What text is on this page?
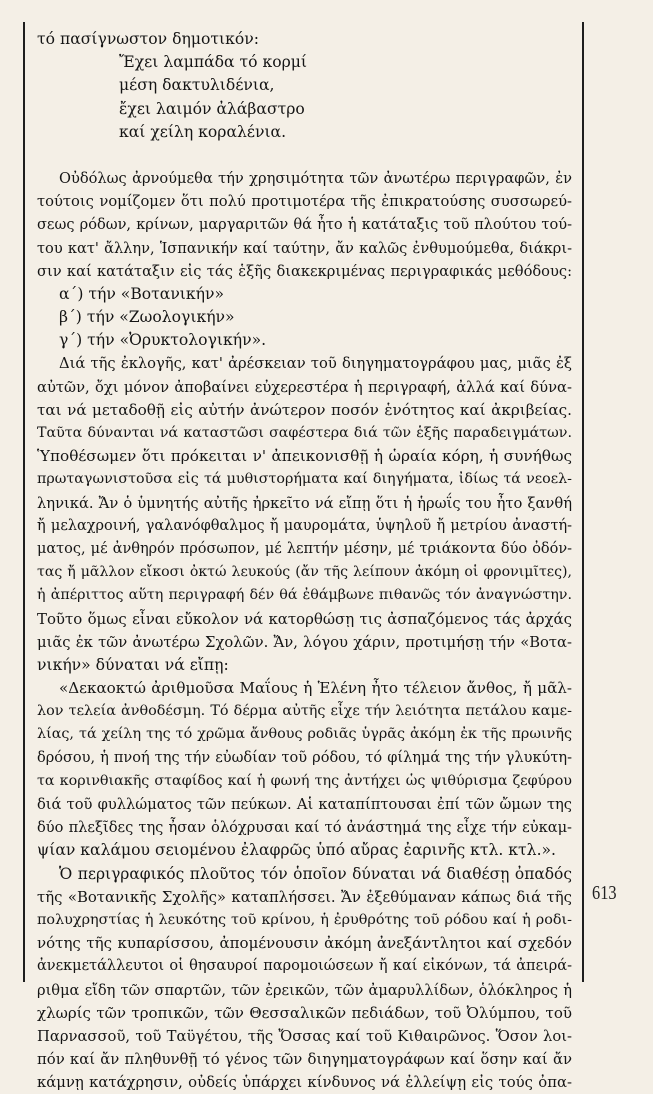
τό πασίγνωστον δημοτικόν:
Ἔχει λαμπάδα τό κορμί
μέση δακτυλιδένια,
ἔχει λαιμόν ἀλάβαστρο
καί χείλη κοραλένια.
Οὐδόλως ἀρνούμεθα τήν χρησιμότητα τῶν ἀνωτέρω περιγραφῶν, ἐν
τούτοις νομίζομεν ὅτι πολύ προτιμοτέρα τῆς ἐπικρατούσης συσσωρεύ-
σεως ρόδων, κρίνων, μαργαριτῶν θά ἦτο ἡ κατάταξις τοῦ πλούτου τού-
του κατ' ἄλλην, Ἱσπανικήν καί ταύτην, ἄν καλῶς ἐνθυμούμεθα, διάκρι-
σιν καί κατάταξιν εἰς τάς ἑξῆς διακεκριμένας περιγραφικάς μεθόδους:
α΄) τήν «Βοτανικήν»
β΄) τήν «Ζωολογικήν»
γ΄) τήν «Ὀρυκτολογικήν».
Διά τῆς ἐκλογῆς, κατ' ἀρέσκειαν τοῦ διηγηματογράφου μας, μιᾶς ἐξ
αὐτῶν, ὄχι μόνον ἀποβαίνει εὐχερεστέρα ἡ περιγραφή, ἀλλά καί δύνα-
ται νά μεταδοθῇ εἰς αὐτήν ἀνώτερον ποσόν ἑνότητος καί ἀκριβείας.
Ταῦτα δύνανται νά καταστῶσι σαφέστερα διά τῶν ἑξῆς παραδειγμάτων.
Ὑποθέσωμεν ὅτι πρόκειται ν' ἀπεικονισθῇ ἡ ὡραία κόρη, ἡ συνήθως
πρωταγωνιστοῦσα εἰς τά μυθιστορήματα καί διηγήματα, ἰδίως τά νεοελ-
ληνικά. Ἄν ὁ ὑμνητής αὐτῆς ἠρκεῖτο νά εἴπῃ ὅτι ἡ ἡρωΐς του ἦτο ξανθή
ἤ μελαχροινή, γαλανόφθαλμος ἤ μαυρομάτα, ὑψηλοῦ ἤ μετρίου ἀναστή-
ματος, μέ ἀνθηρόν πρόσωπον, μέ λεπτήν μέσην, μέ τριάκοντα δύο ὀδόν-
τας ἤ μᾶλλον εἴκοσι ὀκτώ λευκούς (ἄν τῆς λείπουν ἀκόμη οἱ φρονιμῖτες),
ἡ ἀπέριττος αὕτη περιγραφή δέν θά ἐθάμβωνε πιθανῶς τόν ἀναγνώστην.
Τοῦτο ὅμως εἶναι εὔκολον νά κατορθώσῃ τις ἀσπαζόμενος τάς ἀρχάς
μιᾶς ἐκ τῶν ἀνωτέρω Σχολῶν. Ἄν, λόγου χάριν, προτιμήσῃ τήν «Βοτα-
νικήν» δύναται νά εἴπῃ:
«Δεκαοκτώ ἀριθμοῦσα Μαΐους ἡ Ἑλένη ἦτο τέλειον ἄνθος, ἤ μᾶλ-
λον τελεία ἀνθοδέσμη. Τό δέρμα αὐτῆς εἶχε τήν λειότητα πετάλου καμε-
λίας, τά χείλη της τό χρῶμα ἄνθους ροδιᾶς ὑγρᾶς ἀκόμη ἐκ τῆς πρωινῆς
δρόσου, ἡ πνοή της τήν εὐωδίαν τοῦ ρόδου, τό φίλημά της τήν γλυκύτη-
τα κορινθιακῆς σταφίδος καί ἡ φωνή της ἀντήχει ὡς ψιθύρισμα ζεφύρου
διά τοῦ φυλλώματος τῶν πεύκων. Αἱ καταπίπτουσαι ἐπί τῶν ὤμων της
δύο πλεξῖδες της ἦσαν ὁλόχρυσαι καί τό ἀνάστημά της εἶχε τήν εὐκαμ-
ψίαν καλάμου σειομένου ἐλαφρῶς ὑπό αὔρας ἐαρινῆς κτλ. κτλ.».
Ὁ περιγραφικός πλοῦτος τόν ὁποῖον δύναται νά διαθέσῃ ὀπαδός
τῆς «Βοτανικῆς Σχολῆς» καταπλήσσει. Ἄν ἐξεθύμαναν κάπως διά τῆς
πολυχρηστίας ἡ λευκότης τοῦ κρίνου, ἡ ἐρυθρότης τοῦ ρόδου καί ἡ ροδι-
νότης τῆς κυπαρίσσου, ἀπομένουσιν ἀκόμη ἀνεξάντλητοι καί σχεδόν
ἀνεκμετάλλευτοι οἱ θησαυροί παρομοιώσεων ἤ καί εἰκόνων, τά ἀπειρά-
ριθμα εἴδη τῶν σπαρτῶν, τῶν ἐρεικῶν, τῶν ἀμαρυλλίδων, ὁλόκληρος ἡ
χλωρίς τῶν τροπικῶν, τῶν Θεσσαλικῶν πεδιάδων, τοῦ Ὀλύμπου, τοῦ
Παρνασσοῦ, τοῦ Ταϋγέτου, τῆς Ὄσσας καί τοῦ Κιθαιρῶνος. Ὅσον λοι-
πόν καί ἄν πληθυνθῇ τό γένος τῶν διηγηματογράφων καί ὅσην καί ἄν
κάμνῃ κατάχρησιν, οὐδείς ὑπάρχει κίνδυνος νά ἐλλείψῃ εἰς τούς ὀπα-
613
